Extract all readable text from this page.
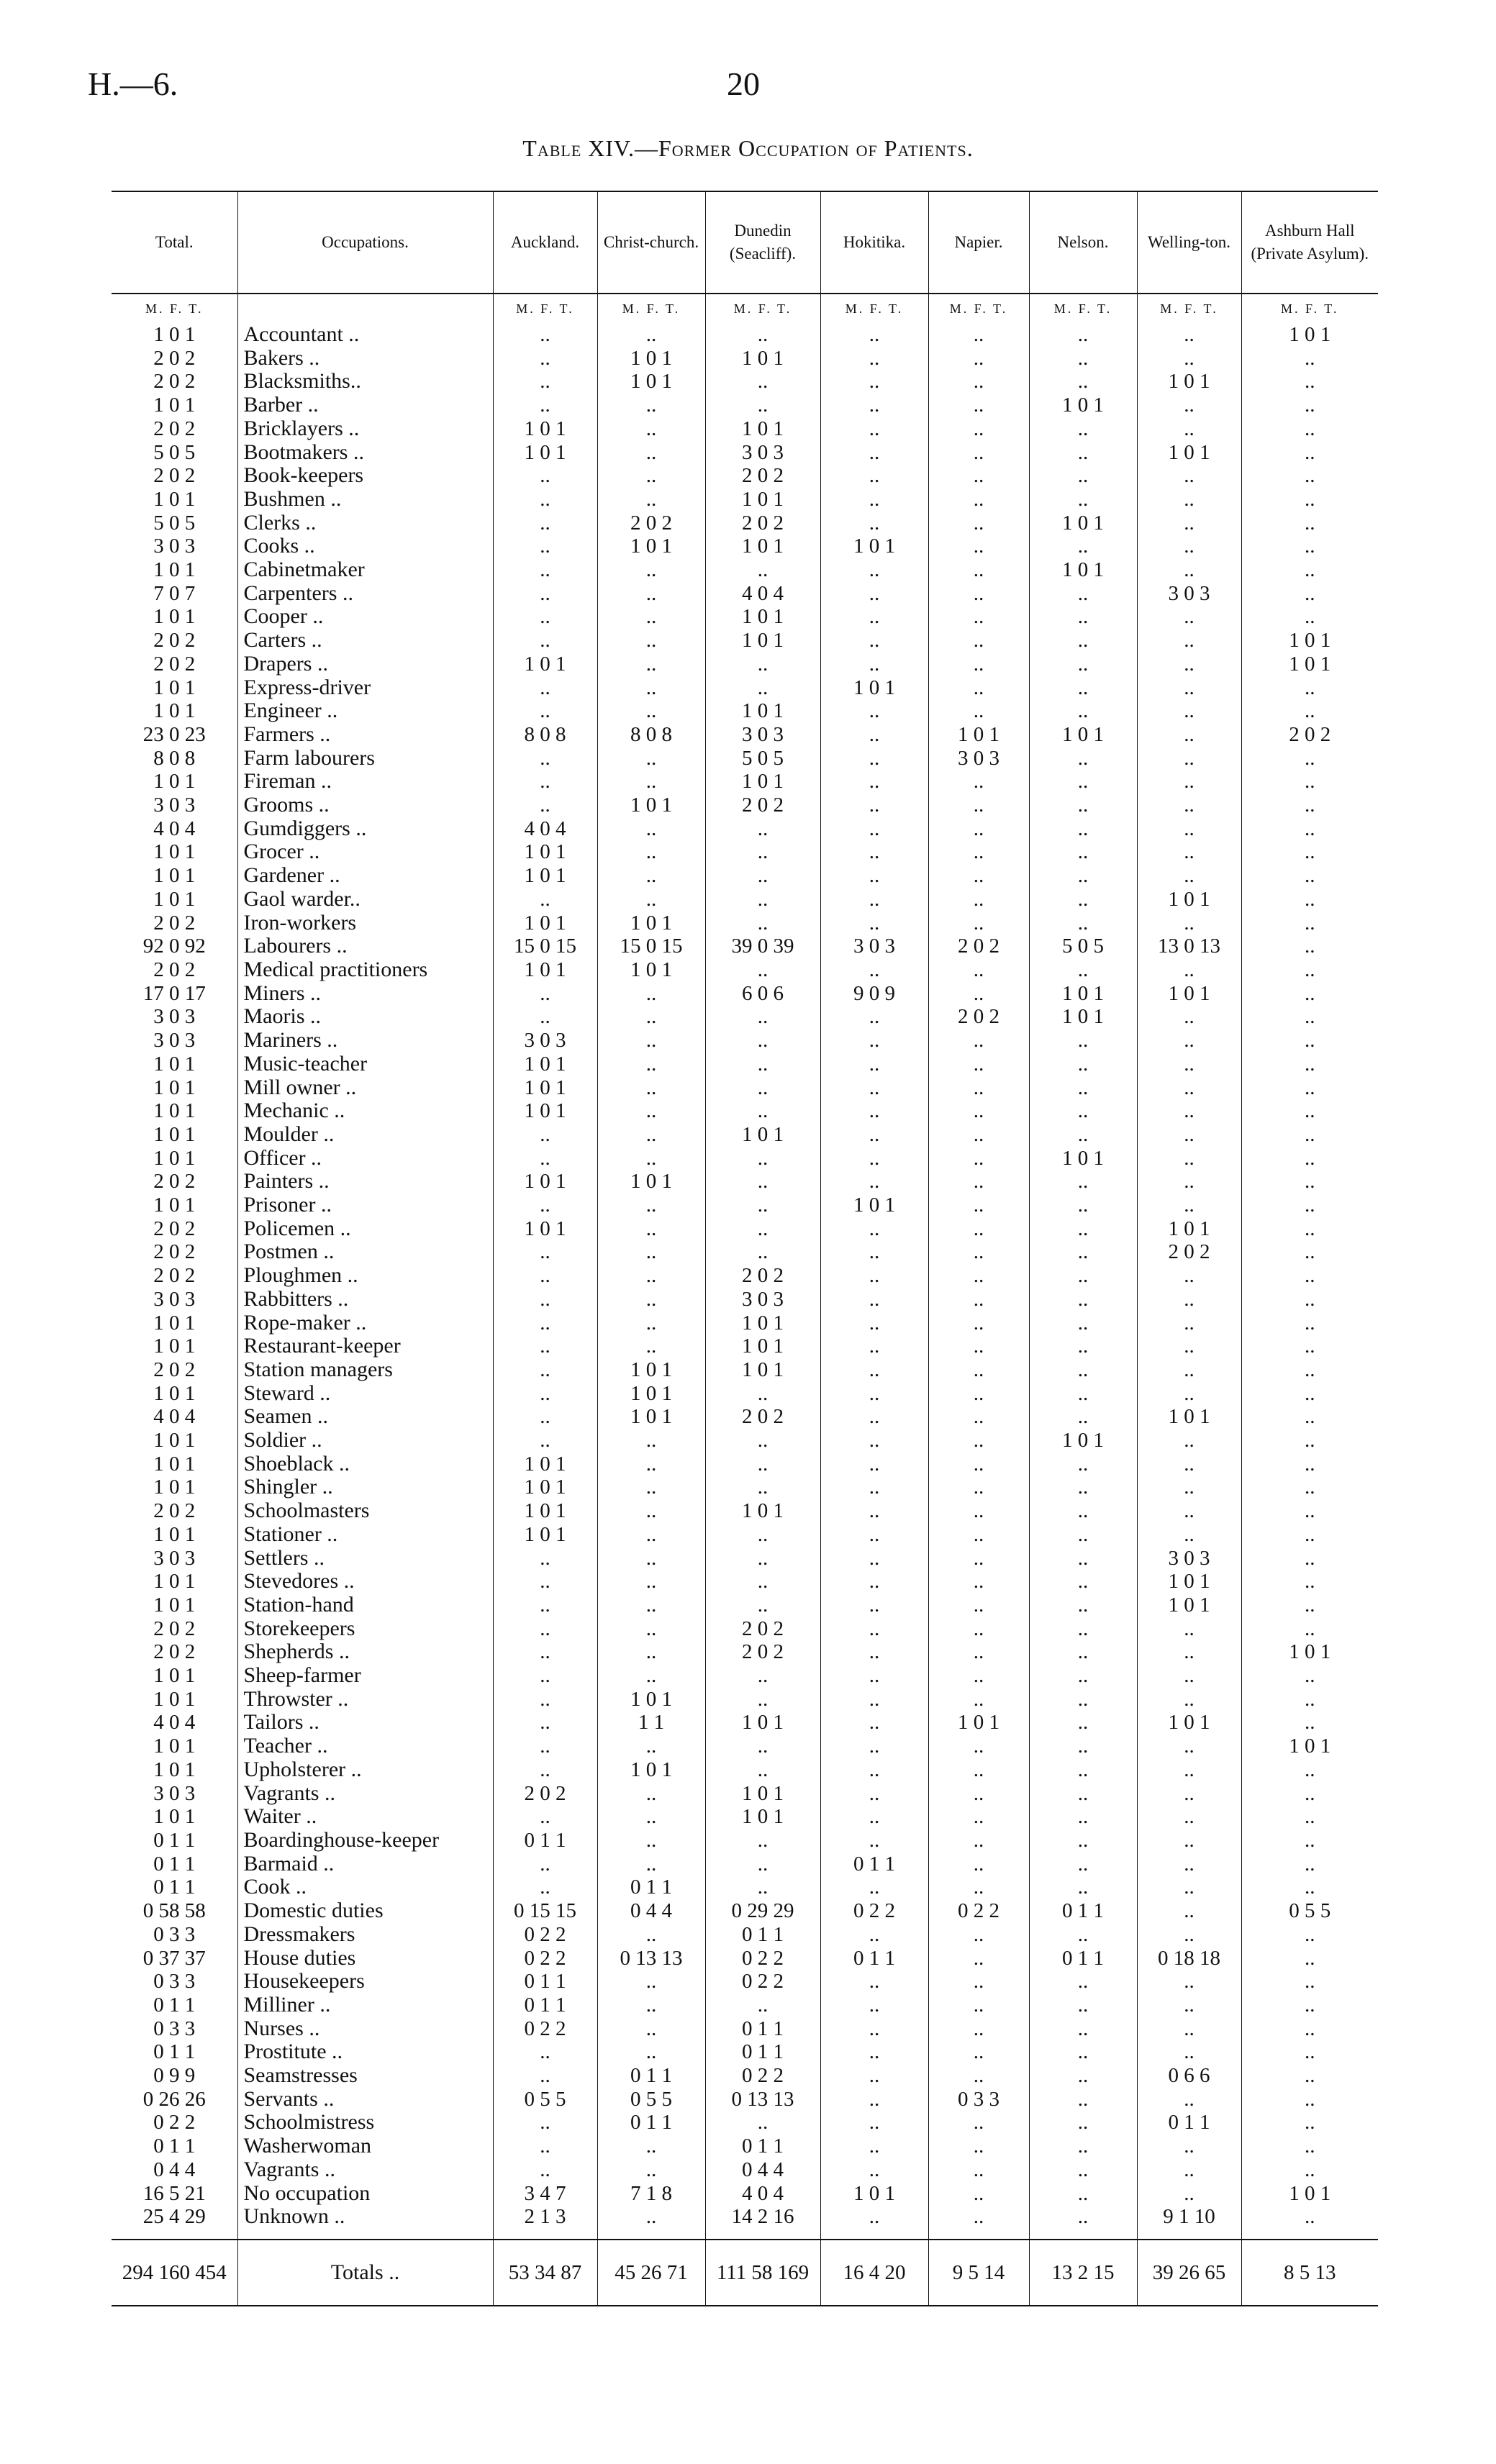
H.—6.	20
Table XIV.—Former Occupation of Patients.
Total.	Occupations.	Auckland.	Christ-church.	Dunedin (Seacliff).	Hokitika.	Napier.	Nelson.	Welling-ton.	Ashburn Hall (Private Asylum).
M. F. T.		M. F. T.	M. F. T.	M. F. T.	M. F. T.	M. F. T.	M. F. T.	M. F. T.	M. F. T.
1 0 1	Accountant ..	..	..	..	..	..	..	..	1 0 1
2 0 2	Bakers ..	..	1 0 1	1 0 1	..	..	..	..	..
2 0 2	Blacksmiths..	..	1 0 1	..	..	..	..	1 0 1	..
1 0 1	Barber ..	..	..	..	..	..	1 0 1	..	..
2 0 2	Bricklayers ..	1 0 1	..	1 0 1	..	..	..	..	..
5 0 5	Bootmakers ..	1 0 1	..	3 0 3	..	..	..	1 0 1	..
2 0 2	Book-keepers	..	..	2 0 2	..	..	..	..	..
1 0 1	Bushmen ..	..	..	1 0 1	..	..	..	..	..
5 0 5	Clerks ..	..	2 0 2	2 0 2	..	..	1 0 1	..	..
3 0 3	Cooks ..	..	1 0 1	1 0 1	1 0 1	..	..	..	..
1 0 1	Cabinetmaker	..	..	..	..	..	1 0 1	..	..
7 0 7	Carpenters ..	..	..	4 0 4	..	..	..	3 0 3	..
1 0 1	Cooper ..	..	..	1 0 1	..	..	..	..	..
2 0 2	Carters ..	..	..	1 0 1	..	..	..	..	1 0 1
2 0 2	Drapers ..	1 0 1	..	..	..	..	..	..	1 0 1
1 0 1	Express-driver	..	..	..	1 0 1	..	..	..	..
1 0 1	Engineer ..	..	..	1 0 1	..	..	..	..	..
23 0 23	Farmers ..	8 0 8	8 0 8	3 0 3	..	1 0 1	1 0 1	..	2 0 2
8 0 8	Farm labourers	..	..	5 0 5	..	3 0 3	..	..	..
1 0 1	Fireman ..	..	..	1 0 1	..	..	..	..	..
3 0 3	Grooms ..	..	1 0 1	2 0 2	..	..	..	..	..
4 0 4	Gumdiggers ..	4 0 4	..	..	..	..	..	..	..
1 0 1	Grocer ..	1 0 1	..	..	..	..	..	..	..
1 0 1	Gardener ..	1 0 1	..	..	..	..	..	..	..
1 0 1	Gaol warder..	..	..	..	..	..	..	1 0 1	..
2 0 2	Iron-workers	1 0 1	1 0 1	..	..	..	..	..	..
92 0 92	Labourers ..	15 0 15	15 0 15	39 0 39	3 0 3	2 0 2	5 0 5	13 0 13	..
2 0 2	Medical practitioners	1 0 1	1 0 1	..	..	..	..	..	..
17 0 17	Miners ..	..	..	6 0 6	9 0 9	..	1 0 1	1 0 1	..
3 0 3	Maoris ..	..	..	..	..	2 0 2	1 0 1	..	..
3 0 3	Mariners ..	3 0 3	..	..	..	..	..	..	..
1 0 1	Music-teacher	1 0 1	..	..	..	..	..	..	..
1 0 1	Mill owner ..	1 0 1	..	..	..	..	..	..	..
1 0 1	Mechanic ..	1 0 1	..	..	..	..	..	..	..
1 0 1	Moulder ..	..	..	1 0 1	..	..	..	..	..
1 0 1	Officer ..	..	..	..	..	..	1 0 1	..	..
2 0 2	Painters ..	1 0 1	1 0 1	..	..	..	..	..	..
1 0 1	Prisoner ..	..	..	..	1 0 1	..	..	..	..
2 0 2	Policemen ..	1 0 1	..	..	..	..	..	1 0 1	..
2 0 2	Postmen ..	..	..	..	..	..	..	2 0 2	..
2 0 2	Ploughmen ..	..	..	2 0 2	..	..	..	..	..
3 0 3	Rabbitters ..	..	..	3 0 3	..	..	..	..	..
1 0 1	Rope-maker ..	..	..	1 0 1	..	..	..	..	..
1 0 1	Restaurant-keeper	..	..	1 0 1	..	..	..	..	..
2 0 2	Station managers	..	1 0 1	1 0 1	..	..	..	..	..
1 0 1	Steward ..	..	1 0 1	..	..	..	..	..	..
4 0 4	Seamen ..	..	1 0 1	2 0 2	..	..	..	1 0 1	..
1 0 1	Soldier ..	..	..	..	..	..	1 0 1	..	..
1 0 1	Shoeblack ..	1 0 1	..	..	..	..	..	..	..
1 0 1	Shingler ..	1 0 1	..	..	..	..	..	..	..
2 0 2	Schoolmasters	1 0 1	..	1 0 1	..	..	..	..	..
1 0 1	Stationer ..	1 0 1	..	..	..	..	..	..	..
3 0 3	Settlers ..	..	..	..	..	..	..	3 0 3	..
1 0 1	Stevedores ..	..	..	..	..	..	..	1 0 1	..
1 0 1	Station-hand	..	..	..	..	..	..	1 0 1	..
2 0 2	Storekeepers	..	..	2 0 2	..	..	..	..	..
2 0 2	Shepherds ..	..	..	2 0 2	..	..	..	..	1 0 1
1 0 1	Sheep-farmer	..	..	..	..	..	..	..	..
1 0 1	Throwster ..	..	1 0 1	..	..	..	..	..	..
4 0 4	Tailors ..	..	1 1	1 0 1	..	1 0 1	..	1 0 1	..
1 0 1	Teacher ..	..	..	..	..	..	..	..	1 0 1
1 0 1	Upholsterer ..	..	1 0 1	..	..	..	..	..	..
3 0 3	Vagrants ..	2 0 2	..	1 0 1	..	..	..	..	..
1 0 1	Waiter ..	..	..	1 0 1	..	..	..	..	..
0 1 1	Boardinghouse-keeper	0 1 1	..	..	..	..	..	..	..
0 1 1	Barmaid ..	..	..	..	0 1 1	..	..	..	..
0 1 1	Cook ..	..	0 1 1	..	..	..	..	..	..
0 58 58	Domestic duties	0 15 15	0 4 4	0 29 29	0 2 2	0 2 2	0 1 1	..	0 5 5
0 3 3	Dressmakers	0 2 2	..	0 1 1	..	..	..	..	..
0 37 37	House duties	0 2 2	0 13 13	0 2 2	0 1 1	..	0 1 1	0 18 18	..
0 3 3	Housekeepers	0 1 1	..	0 2 2	..	..	..	..	..
0 1 1	Milliner ..	0 1 1	..	..	..	..	..	..	..
0 3 3	Nurses ..	0 2 2	..	0 1 1	..	..	..	..	..
0 1 1	Prostitute ..	..	..	0 1 1	..	..	..	..	..
0 9 9	Seamstresses	..	0 1 1	0 2 2	..	..	..	0 6 6	..
0 26 26	Servants ..	0 5 5	0 5 5	0 13 13	..	0 3 3	..	..	..
0 2 2	Schoolmistress	..	0 1 1	..	..	..	..	0 1 1	..
0 1 1	Washerwoman	..	..	0 1 1	..	..	..	..	..
0 4 4	Vagrants ..	..	..	0 4 4	..	..	..	..	..
16 5 21	No occupation	3 4 7	7 1 8	4 0 4	1 0 1	..	..	..	1 0 1
25 4 29	Unknown ..	2 1 3	..	14 2 16	..	..	..	9 1 10	..

294 160 454	Totals ..	53 34 87	45 26 71	111 58 169	16 4 20	9 5 14	13 2 15	39 26 65	8 5 13
